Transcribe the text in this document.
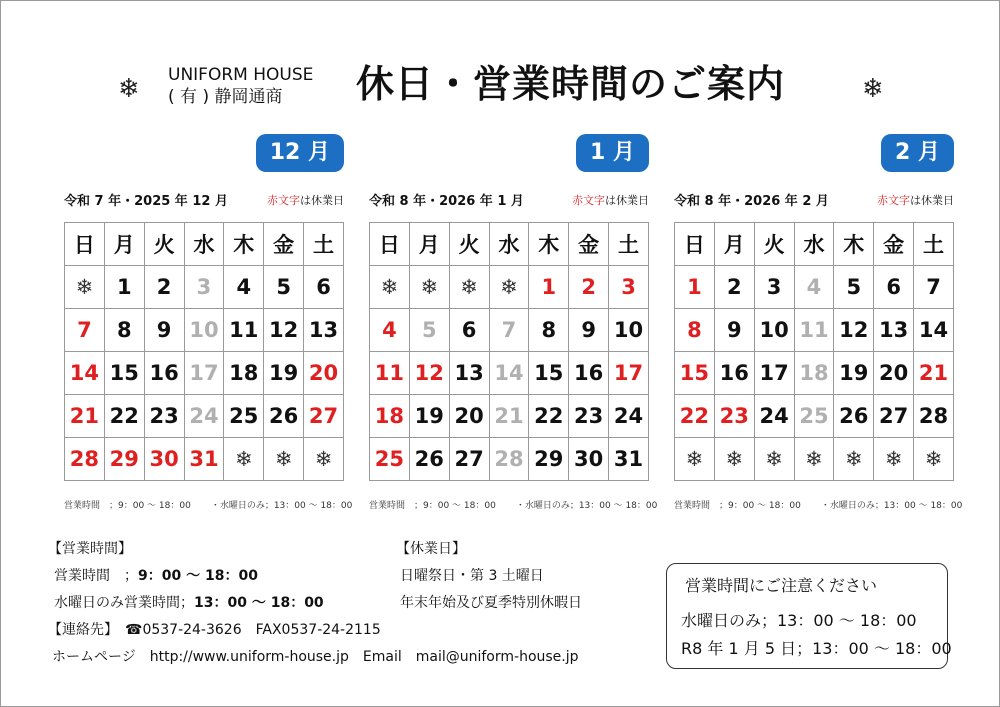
❄	❄
UNIFORM HOUSE
( 有 ) 静岡通商	休日・営業時間のご案内
12 月
令和 7 年・2025 年 12 月	赤文字は休業日
日	月	火	水	木	金	土
❄	1	2	3	4	5	6
7	8	9	10	11	12	13
14	15	16	17	18	19	20
21	22	23	24	25	26	27
28	29	30	31	❄	❄	❄
営業時間　；9：00 ～ 18：00 ・水曜日のみ；13：00 ～ 18：00
1 月
令和 8 年・2026 年 1 月	赤文字は休業日
日	月	火	水	木	金	土
❄	❄	❄	❄	1	2	3
4	5	6	7	8	9	10
11	12	13	14	15	16	17
18	19	20	21	22	23	24
25	26	27	28	29	30	31
営業時間　；9：00 ～ 18：00 ・水曜日のみ；13：00 ～ 18：00
2 月
令和 8 年・2026 年 2 月	赤文字は休業日
日	月	火	水	木	金	土
1	2	3	4	5	6	7
8	9	10	11	12	13	14
15	16	17	18	19	20	21
22	23	24	25	26	27	28
❄	❄	❄	❄	❄	❄	❄
営業時間　；9：00 ～ 18：00 ・水曜日のみ；13：00 ～ 18：00
【営業時間】
営業時間　；9：00 ～ 18：00
水曜日のみ営業時間；13：00 ～ 18：00
【連絡先】　 ☎0537-24-3626　 FAX0537-24-2115
ホームページ　http://www.uniform-house.jp　Email　mail@uniform-house.jp
【休業日】
日曜祭日・第 3 土曜日
年末年始及び夏季特別休暇日
営業時間にご注意ください
水曜日のみ；13：00 ～ 18：00
R8 年 1 月 5 日；13：00 ～ 18：00
